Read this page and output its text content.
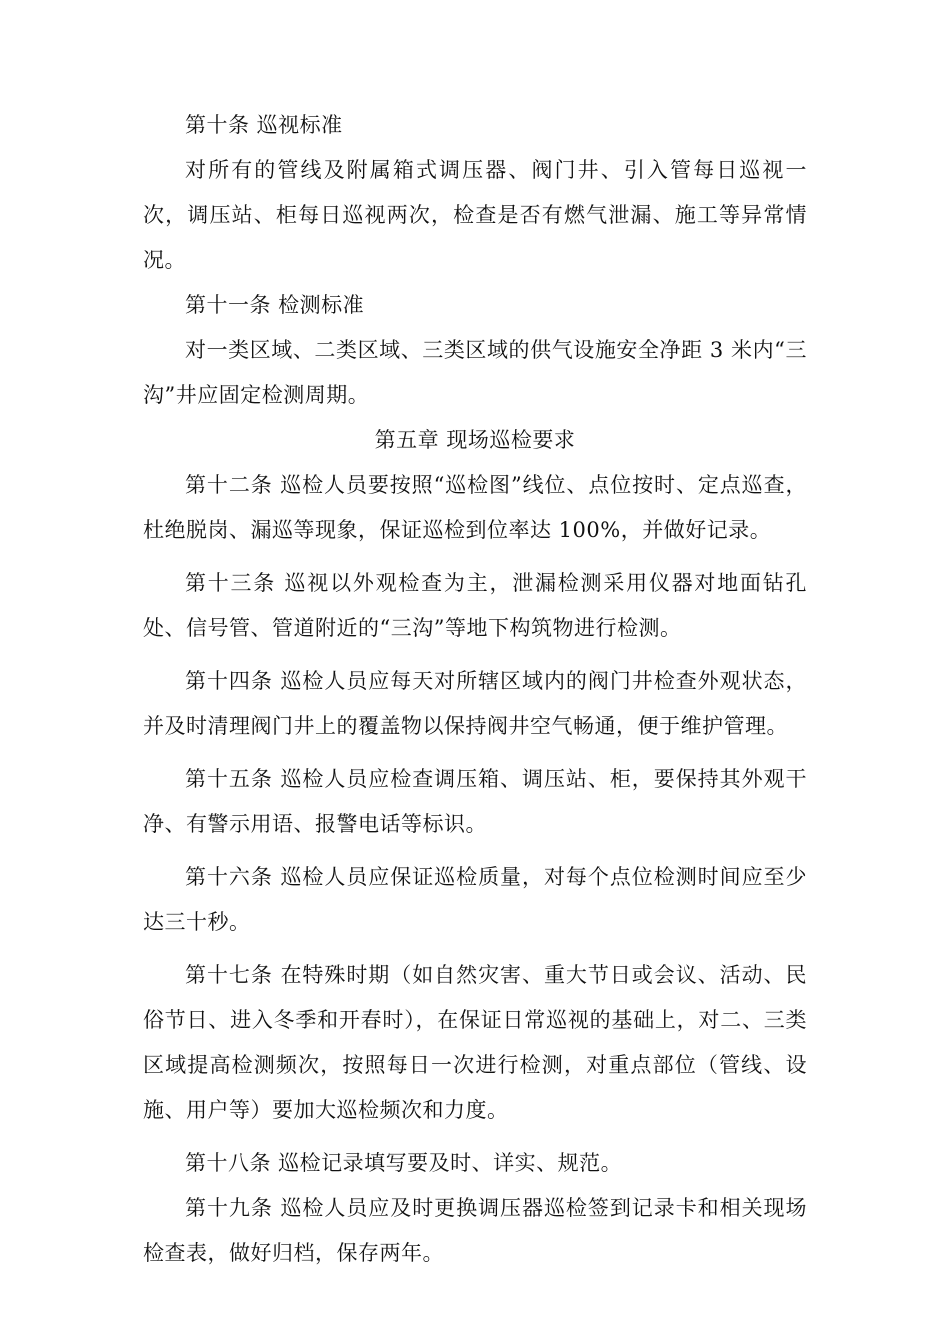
第十条 巡视标准

对所有的管线及附属箱式调压器、阀门井、引入管每日巡视一次，调压站、柜每日巡视两次，检查是否有燃气泄漏、施工等异常情况。

第十一条 检测标准

对一类区域、二类区域、三类区域的供气设施安全净距 3 米内“三沟”井应固定检测周期。

第五章 现场巡检要求

第十二条 巡检人员要按照“巡检图”线位、点位按时、定点巡查，杜绝脱岗、漏巡等现象，保证巡检到位率达 100%，并做好记录。

第十三条 巡视以外观检查为主，泄漏检测采用仪器对地面钻孔处、信号管、管道附近的“三沟”等地下构筑物进行检测。

第十四条 巡检人员应每天对所辖区域内的阀门井检查外观状态，并及时清理阀门井上的覆盖物以保持阀井空气畅通，便于维护管理。

第十五条 巡检人员应检查调压箱、调压站、柜，要保持其外观干净、有警示用语、报警电话等标识。

第十六条 巡检人员应保证巡检质量，对每个点位检测时间应至少达三十秒。

第十七条 在特殊时期（如自然灾害、重大节日或会议、活动、民俗节日、进入冬季和开春时），在保证日常巡视的基础上，对二、三类区域提高检测频次，按照每日一次进行检测，对重点部位（管线、设施、用户等）要加大巡检频次和力度。

第十八条 巡检记录填写要及时、详实、规范。

第十九条 巡检人员应及时更换调压器巡检签到记录卡和相关现场检查表，做好归档，保存两年。
